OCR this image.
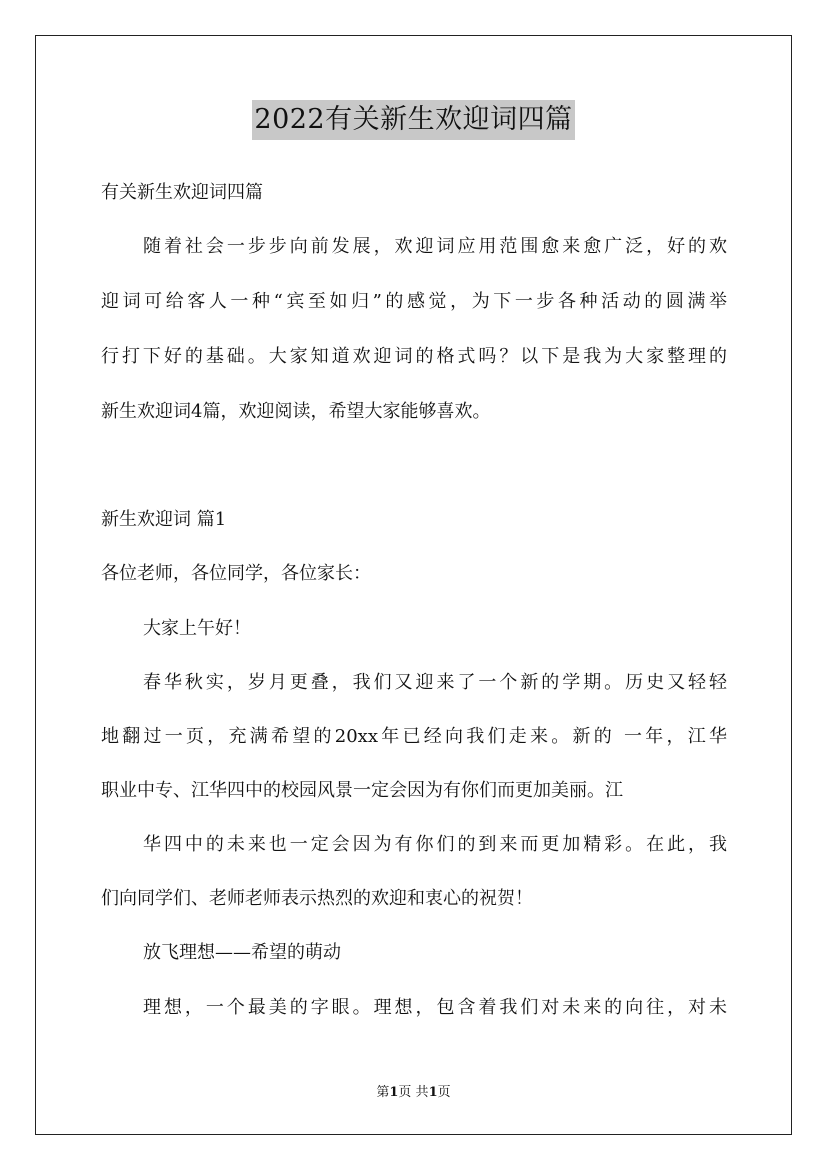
2022有关新生欢迎词四篇
有关新生欢迎词四篇
随着社会一步步向前发展，欢迎词应用范围愈来愈广泛，好的欢
迎词可给客人一种“宾至如归”的感觉，为下一步各种活动的圆满举
行打下好的基础。大家知道欢迎词的格式吗？以下是我为大家整理的
新生欢迎词4篇，欢迎阅读，希望大家能够喜欢。
新生欢迎词 篇1
各位老师，各位同学，各位家长：
大家上午好！
春华秋实，岁月更叠，我们又迎来了一个新的学期。历史又轻轻
地翻过一页，充满希望的20xx年已经向我们走来。新的 一年，江华
职业中专、江华四中的校园风景一定会因为有你们而更加美丽。江
华四中的未来也一定会因为有你们的到来而更加精彩。在此，我
们向同学们、老师老师表示热烈的欢迎和衷心的祝贺！
放飞理想——希望的萌动
理想，一个最美的字眼。理想，包含着我们对未来的向往，对未
第1页 共1页
